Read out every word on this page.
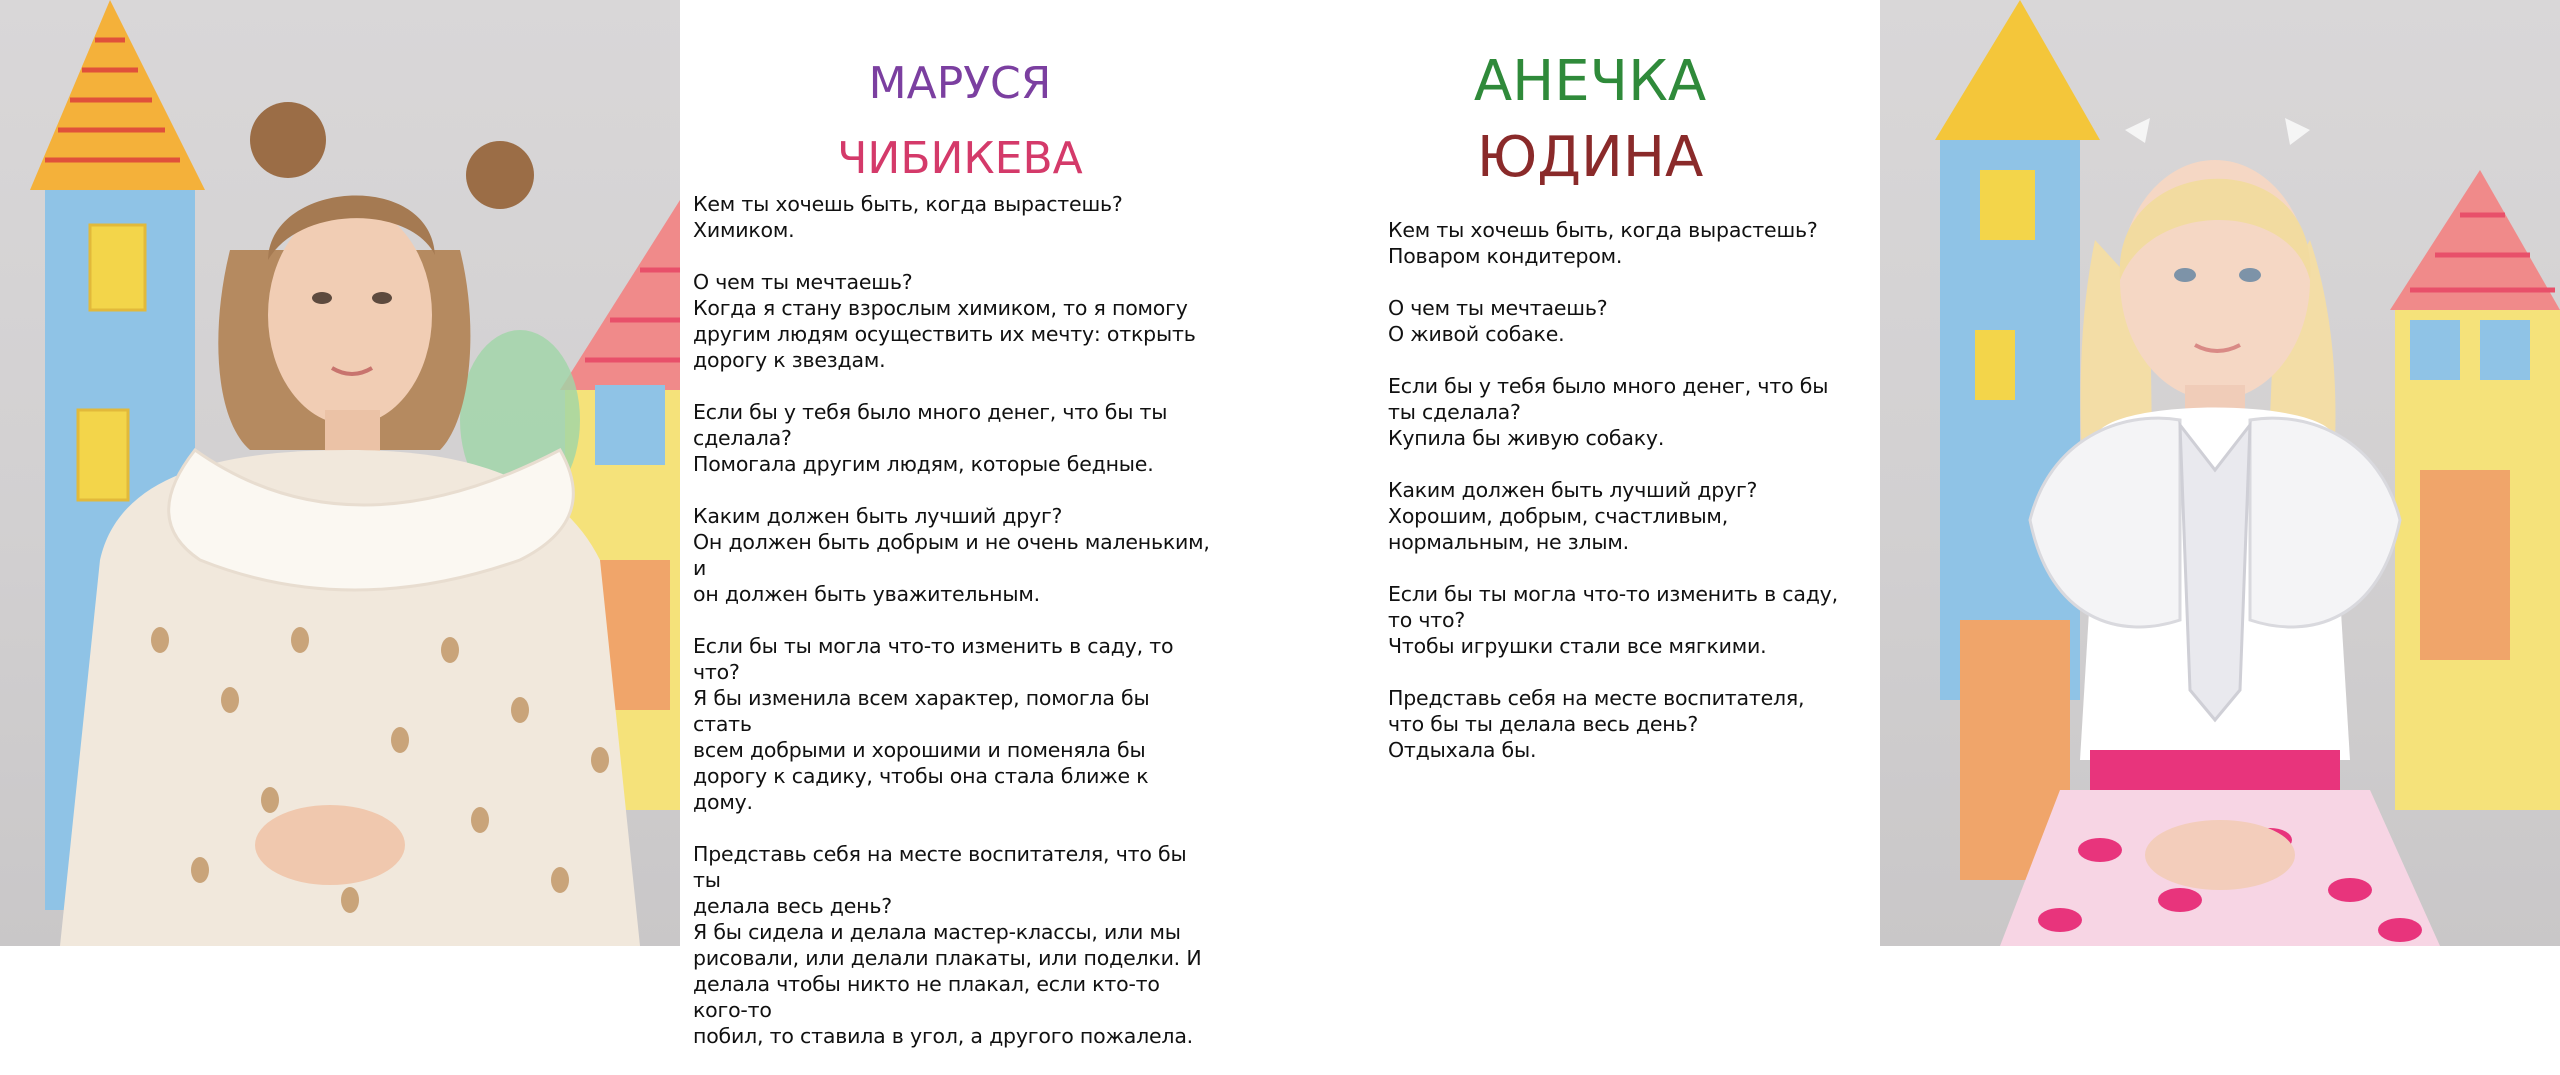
МАРУСЯ
ЧИБИКЕВА

Кем ты хочешь быть, когда вырастешь?

Химиком.

О чем ты мечтаешь?

Когда я стану взрослым химиком, то я помогу
другим людям осуществить их мечту: открыть
дорогу к звездам.

Если бы у тебя было много денег, что бы ты
сделала?

Помогала другим людям, которые бедные.

Каким должен быть лучший друг?

Он должен быть добрым и не очень маленьким, и
он должен быть уважительным.

Если бы ты могла что-то изменить в саду, то что?

Я бы изменила всем характер, помогла бы стать
всем добрыми и хорошими и поменяла бы
дорогу к садику, чтобы она стала ближе к дому.

Представь себя на месте воспитателя, что бы ты
делала весь день?

Я бы сидела и делала мастер-классы, или мы
рисовали, или делали плакаты, или поделки. И
делала чтобы никто не плакал, если кто-то кого-то
побил, то ставила в угол, а другого пожалела.

АНЕЧКА
ЮДИНА

Кем ты хочешь быть, когда вырастешь?

Поваром кондитером.

О чем ты мечтаешь?

О живой собаке.

Если бы у тебя было много денег, что бы
ты сделала?

Купила бы живую собаку.

Каким должен быть лучший друг?

Хорошим, добрым, счастливым,
нормальным, не злым.

Если бы ты могла что-то изменить в саду,
то что?

Чтобы игрушки стали все мягкими.

Представь себя на месте воспитателя,
что бы ты делала весь день?

Отдыхала бы.
